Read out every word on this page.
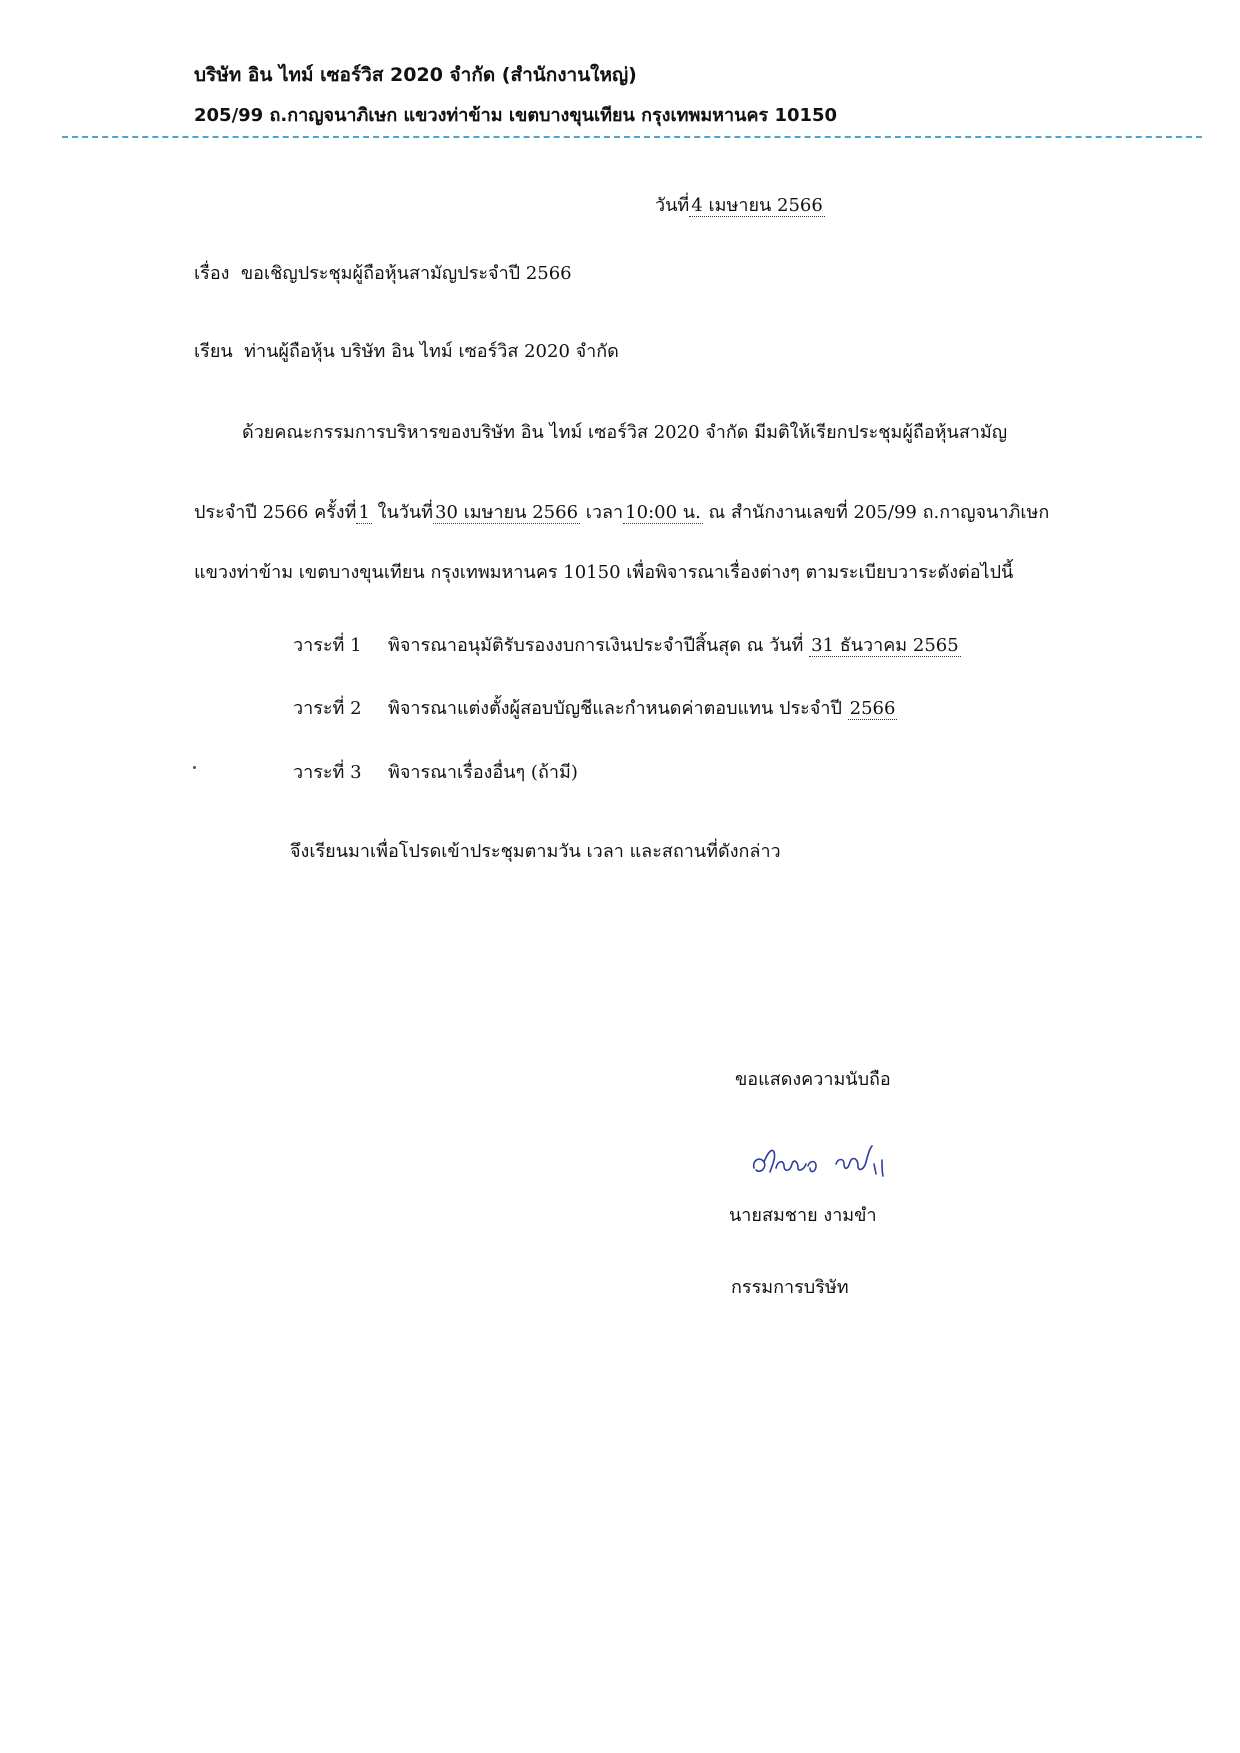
บริษัท อิน ไทม์ เซอร์วิส 2020 จำกัด (สำนักงานใหญ่)
205/99 ถ.กาญจนาภิเษก แขวงท่าข้าม เขตบางขุนเทียน กรุงเทพมหานคร 10150
วันที่ 4 เมษายน 2566
เรื่อง ขอเชิญประชุมผู้ถือหุ้นสามัญประจำปี 2566
เรียน ท่านผู้ถือหุ้น บริษัท อิน ไทม์ เซอร์วิส 2020 จำกัด
ด้วยคณะกรรมการบริหารของบริษัท อิน ไทม์ เซอร์วิส 2020 จำกัด มีมติให้เรียกประชุมผู้ถือหุ้นสามัญ
ประจำปี 2566 ครั้งที่ 1 ในวันที่ 30 เมษายน 2566 เวลา 10:00 น. ณ สำนักงานเลขที่ 205/99 ถ.กาญจนาภิเษก
แขวงท่าข้าม เขตบางขุนเทียน กรุงเทพมหานคร 10150 เพื่อพิจารณาเรื่องต่างๆ ตามระเบียบวาระดังต่อไปนี้
วาระที่ 1 พิจารณาอนุมัติรับรองงบการเงินประจำปีสิ้นสุด ณ วันที่ 31 ธันวาคม 2565
วาระที่ 2 พิจารณาแต่งตั้งผู้สอบบัญชีและกำหนดค่าตอบแทน ประจำปี 2566
วาระที่ 3 พิจารณาเรื่องอื่นๆ (ถ้ามี)
จึงเรียนมาเพื่อโปรดเข้าประชุมตามวัน เวลา และสถานที่ดังกล่าว
ขอแสดงความนับถือ
นายสมชาย งามขำ
กรรมการบริษัท
